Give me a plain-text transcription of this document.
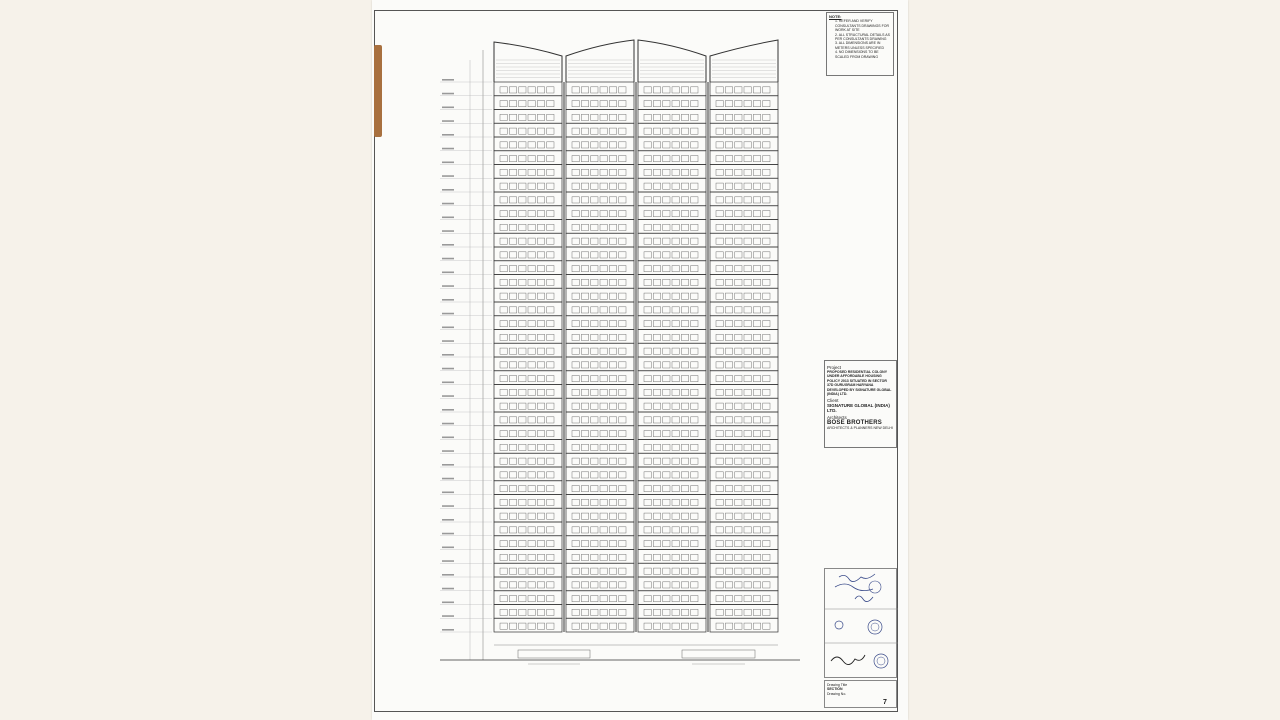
NOTE:
1. REFER AND VERIFY CONSULTANTS DRAWINGS FOR WORK AT SITE
2. ALL STRUCTURAL DETAILS AS PER CONSULTANTS DRAWING
3. ALL DIMENSIONS ARE IN METERS UNLESS SPECIFIED
4. NO DIMENSIONS TO BE SCALED FROM DRAWING
Project
PROPOSED RESIDENTIAL COLONY UNDER AFFORDABLE HOUSING POLICY 2013 SITUATED IN SECTOR 37D GURUGRAM HARYANA DEVELOPED BY SIGNATURE GLOBAL (INDIA) LTD.
Client
SIGNATURE GLOBAL (INDIA) LTD.
Architects
BOSE BROTHERS
ARCHITECTS & PLANNERS NEW DELHI
Drawing Title
SECTION
Drawing No.
7
